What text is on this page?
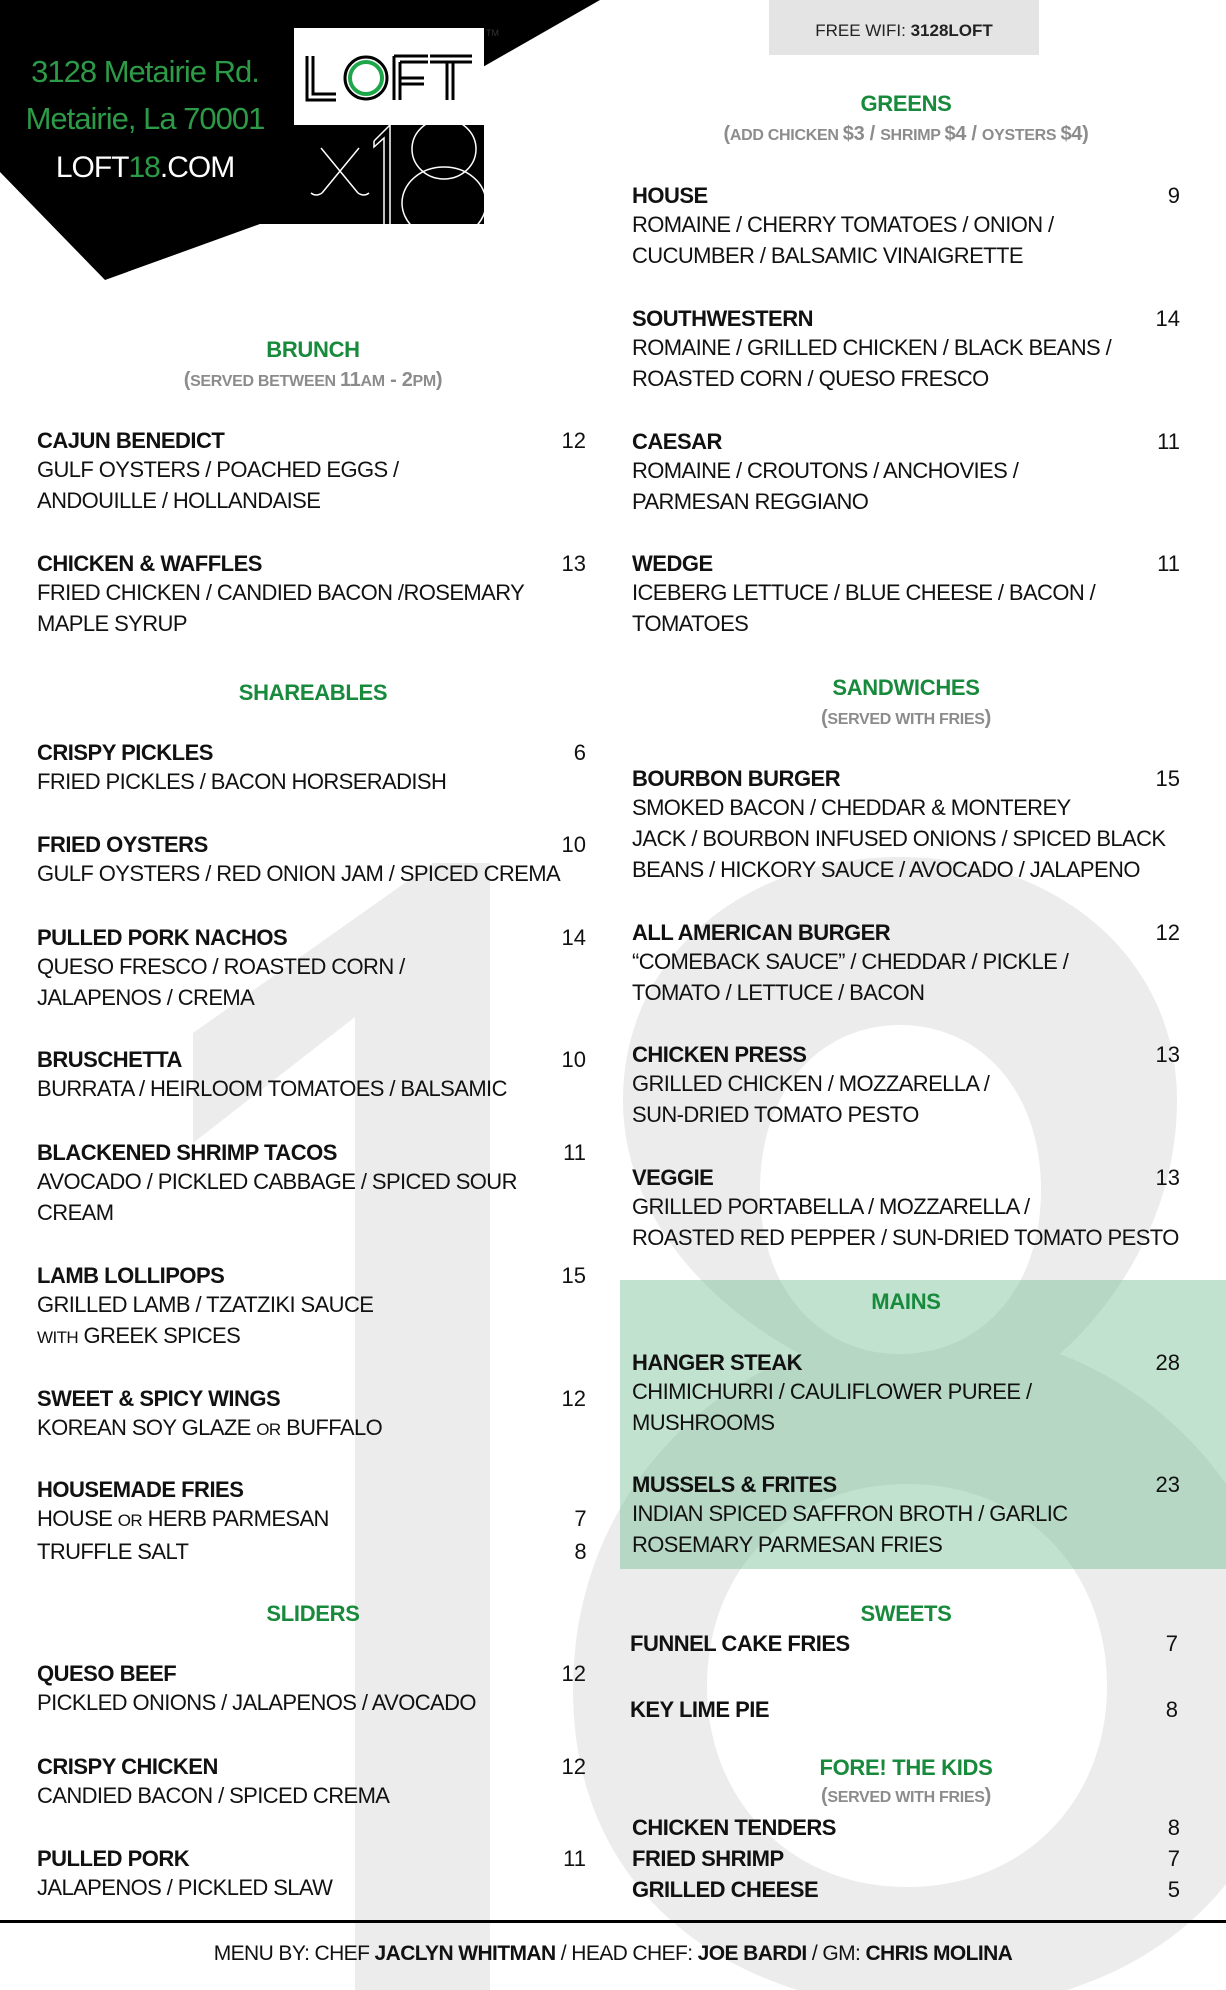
3128 Metairie Rd.
Metairie, La 70001
LOFT18.COM
TM	FREE WIFI: 3128LOFT
BRUNCH
(SERVED BETWEEN 11AM - 2PM)
CAJUN BENEDICT	12
GULF OYSTERS / POACHED EGGS /
ANDOUILLE / HOLLANDAISE
CHICKEN & WAFFLES	13
FRIED CHICKEN / CANDIED BACON /ROSEMARY
MAPLE SYRUP
SHAREABLES
CRISPY PICKLES	6
FRIED PICKLES / BACON HORSERADISH
FRIED OYSTERS	10
GULF OYSTERS / RED ONION JAM / SPICED CREMA
PULLED PORK NACHOS	14
QUESO FRESCO / ROASTED CORN /
JALAPENOS / CREMA
BRUSCHETTA	10
BURRATA / HEIRLOOM TOMATOES / BALSAMIC
BLACKENED SHRIMP TACOS	11
AVOCADO / PICKLED CABBAGE / SPICED SOUR
CREAM
LAMB LOLLIPOPS	15
GRILLED LAMB / TZATZIKI SAUCE
WITH GREEK SPICES
SWEET & SPICY WINGS	12
KOREAN SOY GLAZE OR BUFFALO
HOUSEMADE FRIES
HOUSE OR HERB PARMESAN	7
TRUFFLE SALT	8
SLIDERS
QUESO BEEF	12
PICKLED ONIONS / JALAPENOS / AVOCADO
CRISPY CHICKEN	12
CANDIED BACON / SPICED CREMA
PULLED PORK	11
JALAPENOS / PICKLED SLAW
GREENS
(ADD CHICKEN $3 / SHRIMP $4 / OYSTERS $4)
HOUSE	9
ROMAINE / CHERRY TOMATOES / ONION /
CUCUMBER / BALSAMIC VINAIGRETTE
SOUTHWESTERN	14
ROMAINE / GRILLED CHICKEN / BLACK BEANS /
ROASTED CORN / QUESO FRESCO
CAESAR	11
ROMAINE / CROUTONS / ANCHOVIES /
PARMESAN REGGIANO
WEDGE	11
ICEBERG LETTUCE / BLUE CHEESE / BACON /
TOMATOES
SANDWICHES
(SERVED WITH FRIES)
BOURBON BURGER	15
SMOKED BACON / CHEDDAR & MONTEREY
JACK / BOURBON INFUSED ONIONS / SPICED BLACK
BEANS / HICKORY SAUCE / AVOCADO / JALAPENO
ALL AMERICAN BURGER	12
“COMEBACK SAUCE” / CHEDDAR / PICKLE /
TOMATO / LETTUCE / BACON
CHICKEN PRESS	13
GRILLED CHICKEN / MOZZARELLA /
SUN-DRIED TOMATO PESTO
VEGGIE	13
GRILLED PORTABELLA / MOZZARELLA /
ROASTED RED PEPPER / SUN-DRIED TOMATO PESTO
MAINS
HANGER STEAK	28
CHIMICHURRI / CAULIFLOWER PUREE /
MUSHROOMS
MUSSELS & FRITES	23
INDIAN SPICED SAFFRON BROTH / GARLIC
ROSEMARY PARMESAN FRIES
SWEETS
FUNNEL CAKE FRIES	7
KEY LIME PIE	8
FORE! THE KIDS
(SERVED WITH FRIES)
CHICKEN TENDERS	8
FRIED SHRIMP	7
GRILLED CHEESE	5
MENU BY: CHEF JACLYN WHITMAN / HEAD CHEF: JOE BARDI / GM: CHRIS MOLINA
